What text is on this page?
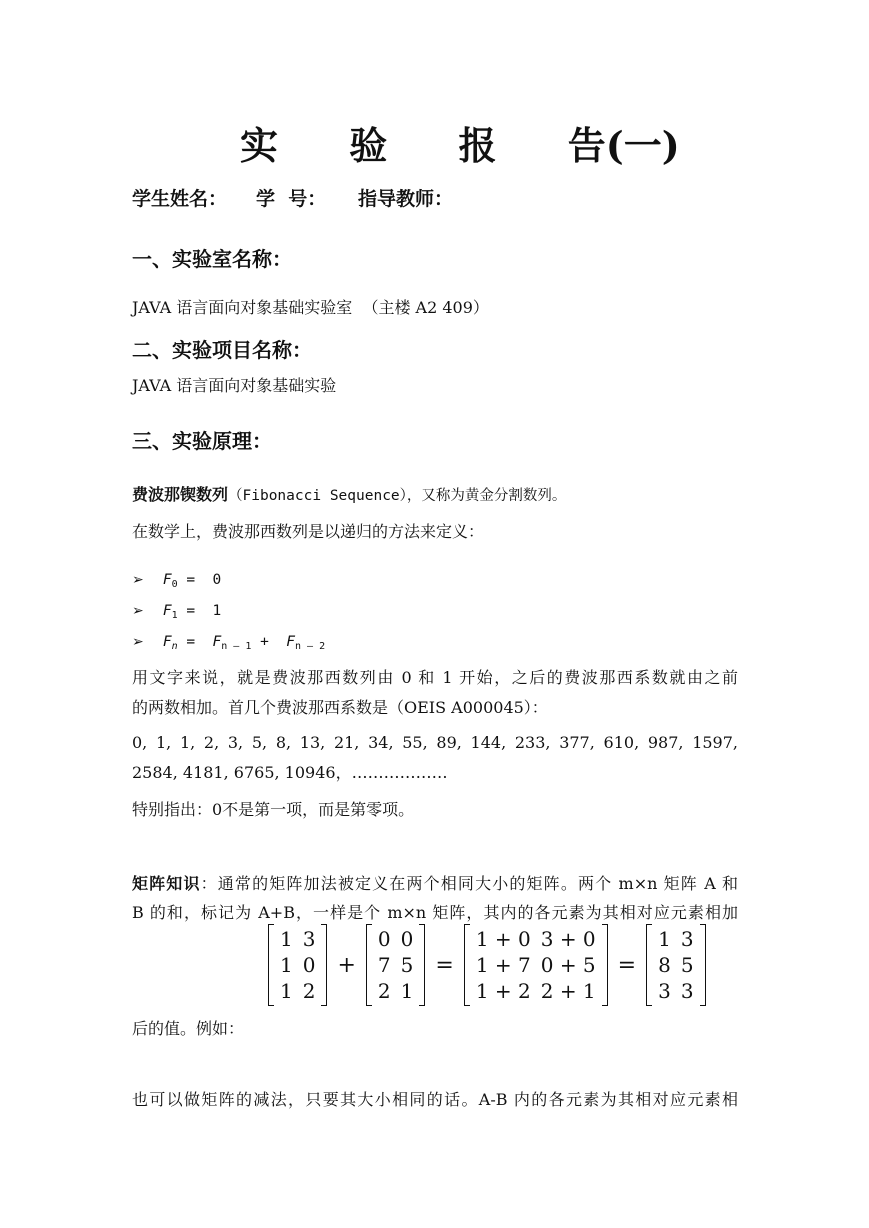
实 验 报 告(一)
学生姓名： 学  号： 指导教师：
一、实验室名称：
JAVA 语言面向对象基础实验室  （主楼 A2 409）
二、实验项目名称：
JAVA 语言面向对象基础实验
三、实验原理：
费波那锲数列（Fibonacci Sequence），又称为黄金分割数列。
在数学上，费波那西数列是以递归的方法来定义：
➢ $F_0 = 0$
➢ $F_1 = 1$
➢ $F_n = F_{n - 1} + F_{n - 2}$
用文字来说，就是费波那西数列由 0 和 1 开始，之后的费波那西系数就由之前
的两数相加。首几个费波那西系数是（OEIS A000045）：
0, 1, 1, 2, 3, 5, 8, 13, 21, 34, 55, 89, 144, 233, 377, 610, 987, 1597,
2584, 4181, 6765, 10946，………………
特别指出：0不是第一项，而是第零项。
矩阵知识：通常的矩阵加法被定义在两个相同大小的矩阵。两个 m×n 矩阵 A 和
B 的和，标记为 A+B，一样是个 m×n 矩阵，其内的各元素为其相对应元素相加
1	3
1	0
1	2
+
0	0
7	5
2	1
=
1 + 0	3 + 0
1 + 7	0 + 5
1 + 2	2 + 1
=
1	3
8	5
3	3
后的值。例如：
也可以做矩阵的减法，只要其大小相同的话。A-B 内的各元素为其相对应元素相
